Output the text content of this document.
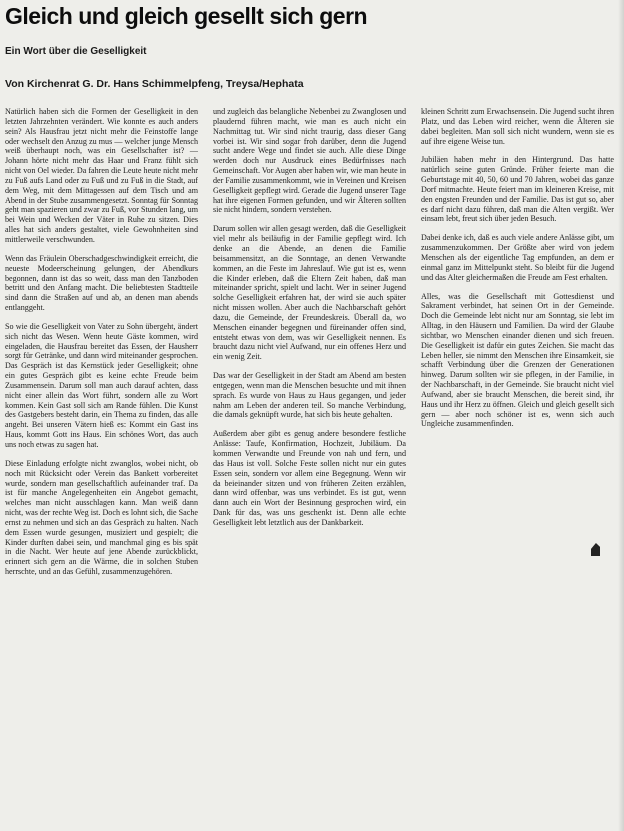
Gleich und gleich gesellt sich gern

Ein Wort über die Geselligkeit

Von Kirchenrat G. Dr. Hans Schimmelpfeng, Treysa/Hephata

Natürlich haben sich die Formen der Geselligkeit in den letzten Jahrzehnten verändert. Wie konnte es auch anders sein? Als Hausfrau jetzt nicht mehr die Feinstoffe lange oder wechselt den Anzug zu mus — welcher junge Mensch weiß überhaupt noch, was ein Gesellschafter ist? — Johann hörte nicht mehr das Haar und Franz fühlt sich nicht von Oel wieder. Da fahren die Leute heute nicht mehr zu Fuß aufs Land oder zu Fuß und zu Fuß in die Stadt, auf dem Weg, mit dem Mittagessen auf dem Tisch und am Abend in der Stube zusammengesetzt. Sonntag für Sonntag geht man spazieren und zwar zu Fuß, vor Stunden lang, um bei Wein und Wecken der Väter in Ruhe zu sitzen. Dies alles hat sich anders gestaltet, viele Gewohnheiten sind mittlerweile verschwunden.

Wenn das Fräulein Oberschadgeschwindigkeit erreicht, die neueste Modeerscheinung gelungen, der Abendkurs begonnen, dann ist das so weit, dass man den Tanzboden betritt und den Anfang macht. Die beliebtesten Stadtteile sind dann die Straßen auf und ab, an denen man abends entlanggeht.

So wie die Geselligkeit von Vater zu Sohn übergeht, ändert sich nicht das Wesen. Wenn heute Gäste kommen, wird eingeladen, die Hausfrau bereitet das Essen, der Hausherr sorgt für Getränke, und dann wird miteinander gesprochen. Das Gespräch ist das Kernstück jeder Geselligkeit; ohne ein gutes Gespräch gibt es keine echte Freude beim Zusammensein. Darum soll man auch darauf achten, dass nicht einer allein das Wort führt, sondern alle zu Wort kommen. Kein Gast soll sich am Rande fühlen. Die Kunst des Gastgebers besteht darin, ein Thema zu finden, das alle angeht. Bei unseren Vätern hieß es: Kommt ein Gast ins Haus, kommt Gott ins Haus. Ein schönes Wort, das auch uns noch etwas zu sagen hat.

Diese Einladung erfolgte nicht zwanglos, wobei nicht, ob noch mit Rücksicht oder Verein das Bankett vorbereitet wurde, sondern man gesellschaftlich aufeinander traf. Da ist für manche Angelegenheiten ein Angebot gemacht, welches man nicht ausschlagen kann. Man weiß dann nicht, was der rechte Weg ist. Doch es lohnt sich, die Sache ernst zu nehmen und sich an das Gespräch zu halten. Nach dem Essen wurde gesungen, musiziert und gespielt; die Kinder durften dabei sein, und manchmal ging es bis spät in die Nacht. Wer heute auf jene Abende zurückblickt, erinnert sich gern an die Wärme, die in solchen Stuben herrschte, und an das Gefühl, zusammenzugehören.

und zugleich das belangliche Nebenbei zu Zwanglosen und plaudernd führen macht, wie man es auch nicht ein Nachmittag tut. Wir sind nicht traurig, dass dieser Gang vorbei ist. Wir sind sogar froh darüber, denn die Jugend sucht andere Wege und findet sie auch. Alle diese Dinge werden doch nur Ausdruck eines Bedürfnisses nach Gemeinschaft. Vor Augen aber haben wir, wie man heute in der Familie zusammenkommt, wie in Vereinen und Kreisen Geselligkeit gepflegt wird. Gerade die Jugend unserer Tage hat ihre eigenen Formen gefunden, und wir Älteren sollten sie nicht hindern, sondern verstehen.

Darum sollen wir allen gesagt werden, daß die Geselligkeit viel mehr als beiläufig in der Familie gepflegt wird. Ich denke an die Abende, an denen die Familie beisammensitzt, an die Sonntage, an denen Verwandte kommen, an die Feste im Jahreslauf. Wie gut ist es, wenn die Kinder erleben, daß die Eltern Zeit haben, daß man miteinander spricht, spielt und lacht. Wer in seiner Jugend solche Geselligkeit erfahren hat, der wird sie auch später nicht missen wollen. Aber auch die Nachbarschaft gehört dazu, die Gemeinde, der Freundeskreis. Überall da, wo Menschen einander begegnen und füreinander offen sind, entsteht etwas von dem, was wir Geselligkeit nennen. Es braucht dazu nicht viel Aufwand, nur ein offenes Herz und ein wenig Zeit.

Das war der Geselligkeit in der Stadt am Abend am besten entgegen, wenn man die Menschen besuchte und mit ihnen sprach. Es wurde von Haus zu Haus gegangen, und jeder nahm am Leben der anderen teil. So manche Verbindung, die damals geknüpft wurde, hat sich bis heute gehalten.

Außerdem aber gibt es genug andere besondere festliche Anlässe: Taufe, Konfirmation, Hochzeit, Jubiläum. Da kommen Verwandte und Freunde von nah und fern, und das Haus ist voll. Solche Feste sollen nicht nur ein gutes Essen sein, sondern vor allem eine Begegnung. Wenn wir da beieinander sitzen und von früheren Zeiten erzählen, dann wird offenbar, was uns verbindet. Es ist gut, wenn dann auch ein Wort der Besinnung gesprochen wird, ein Dank für das, was uns geschenkt ist. Denn alle echte Geselligkeit lebt letztlich aus der Dankbarkeit.

kleinen Schritt zum Erwachsensein. Die Jugend sucht ihren Platz, und das Leben wird reicher, wenn die Älteren sie dabei begleiten. Man soll sich nicht wundern, wenn sie es auf ihre eigene Weise tun.

Jubiläen haben mehr in den Hintergrund. Das hatte natürlich seine guten Gründe. Früher feierte man die Geburtstage mit 40, 50, 60 und 70 Jahren, wobei das ganze Dorf mitmachte. Heute feiert man im kleineren Kreise, mit den engsten Freunden und der Familie. Das ist gut so, aber es darf nicht dazu führen, daß man die Alten vergißt. Wer einsam lebt, freut sich über jeden Besuch.

Dabei denke ich, daß es auch viele andere Anlässe gibt, um zusammenzukommen. Der Größte aber wird von jedem Menschen als der eigentliche Tag empfunden, an dem er einmal ganz im Mittelpunkt steht. So bleibt für die Jugend und das Alter gleichermaßen die Freude am Fest erhalten.

Alles, was die Gesellschaft mit Gottesdienst und Sakrament verbindet, hat seinen Ort in der Gemeinde. Doch die Gemeinde lebt nicht nur am Sonntag, sie lebt im Alltag, in den Häusern und Familien. Da wird der Glaube sichtbar, wo Menschen einander dienen und sich freuen. Die Geselligkeit ist dafür ein gutes Zeichen. Sie macht das Leben heller, sie nimmt den Menschen ihre Einsamkeit, sie schafft Verbindung über die Grenzen der Generationen hinweg. Darum sollten wir sie pflegen, in der Familie, in der Nachbarschaft, in der Gemeinde. Sie braucht nicht viel Aufwand, aber sie braucht Menschen, die bereit sind, ihr Haus und ihr Herz zu öffnen. Gleich und gleich gesellt sich gern — aber noch schöner ist es, wenn sich auch Ungleiche zusammenfinden.
